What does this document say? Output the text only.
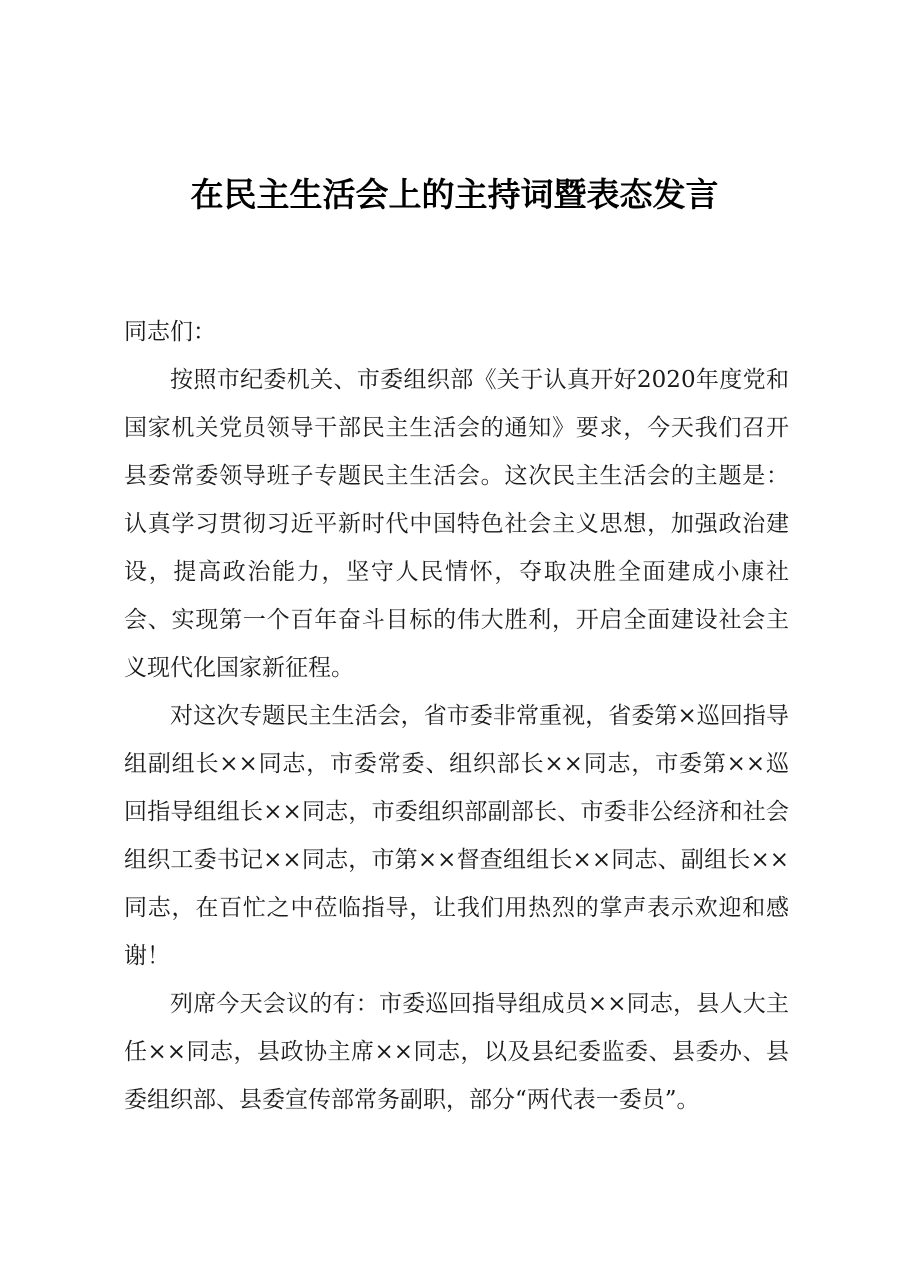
在民主生活会上的主持词暨表态发言

同志们：

按照市纪委机关、市委组织部《关于认真开好2020年度党和国家机关党员领导干部民主生活会的通知》要求，今天我们召开县委常委领导班子专题民主生活会。这次民主生活会的主题是：认真学习贯彻习近平新时代中国特色社会主义思想，加强政治建设，提高政治能力，坚守人民情怀，夺取决胜全面建成小康社会、实现第一个百年奋斗目标的伟大胜利，开启全面建设社会主义现代化国家新征程。

对这次专题民主生活会，省市委非常重视，省委第×巡回指导组副组长××同志，市委常委、组织部长××同志，市委第××巡回指导组组长××同志，市委组织部副部长、市委非公经济和社会组织工委书记××同志，市第××督查组组长××同志、副组长××同志，在百忙之中莅临指导，让我们用热烈的掌声表示欢迎和感谢！

列席今天会议的有：市委巡回指导组成员××同志，县人大主任××同志，县政协主席××同志，以及县纪委监委、县委办、县委组织部、县委宣传部常务副职，部分“两代表一委员”。
